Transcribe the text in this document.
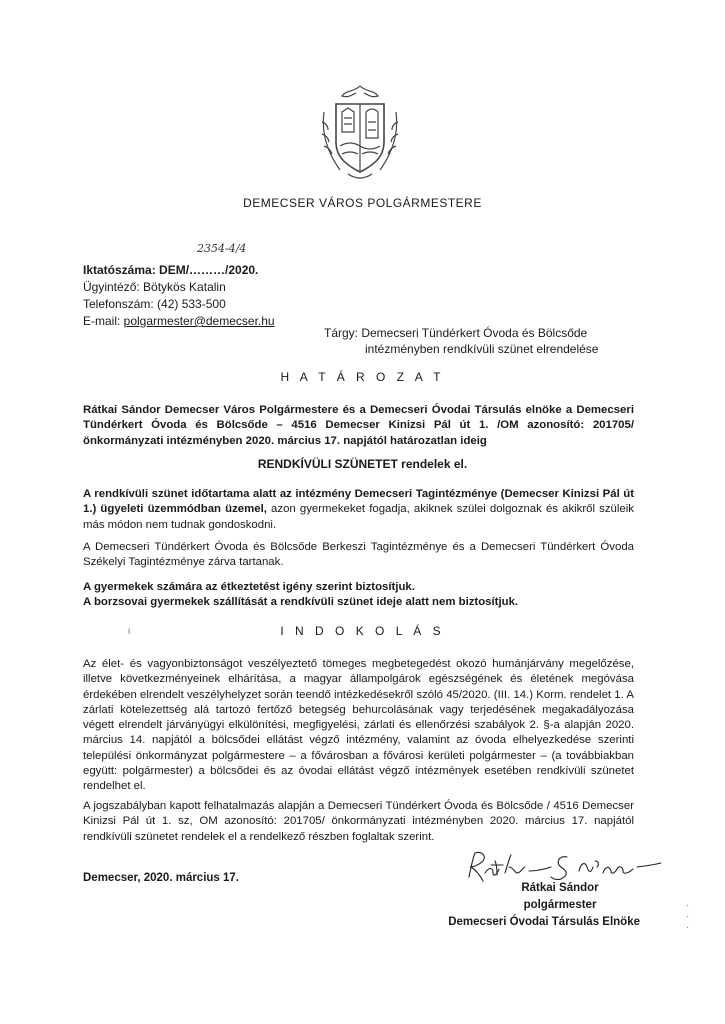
DEMECSER VÁROS POLGÁRMESTERE
2354-4/4
Iktatószáma: DEM/………/2020.
Ügyintéző: Bötykös Katalin
Telefonszám: (42) 533-500
E-mail: polgarmester@demecser.hu
Tárgy: Demecseri Tündérkert Óvoda és Bölcsőde
intézményben rendkívüli szünet elrendelése
H A T Á R O Z A T
Rátkai Sándor Demecser Város Polgármestere és a Demecseri Óvodai Társulás elnöke a Demecseri Tündérkert Óvoda és Bölcsőde – 4516 Demecser Kinizsi Pál út 1. /OM azonosító: 201705/ önkormányzati intézményben 2020. március 17. napjától határozatlan ideig
RENDKÍVÜLI SZÜNETET rendelek el.
A rendkívüli szünet időtartama alatt az intézmény Demecseri Tagintézménye (Demecser Kinizsi Pál út 1.) ügyeleti üzemmódban üzemel, azon gyermekeket fogadja, akiknek szülei dolgoznak és akikről szüleik más módon nem tudnak gondoskodni.
A Demecseri Tündérkert Óvoda és Bölcsőde Berkeszi Tagintézménye és a Demecseri Tündérkert Óvoda Székelyi Tagintézménye zárva tartanak.
A gyermekek számára az étkeztetést igény szerint biztosítjuk.
A borzsovai gyermekek szállítását a rendkívüli szünet ideje alatt nem biztosítjuk.
ι	I N D O K O L Á S
Az élet- és vagyonbiztonságot veszélyeztető tömeges megbetegedést okozó humánjárvány megelőzése, illetve következményeinek elhárítása, a magyar állampolgárok egészségének és életének megóvása érdekében elrendelt veszélyhelyzet során teendő intézkedésekről szóló 45/2020. (III. 14.) Korm. rendelet 1. A zárlati kötelezettség alá tartozó fertőző betegség behurcolásának vagy terjedésének megakadályozása végett elrendelt járványügyi elkülönítési, megfigyelési, zárlati és ellenőrzési szabályok 2. §-a alapján 2020. március 14. napjától a bölcsődei ellátást végző intézmény, valamint az óvoda elhelyezkedése szerinti települési önkormányzat polgármestere – a fővárosban a fővárosi kerületi polgármester – (a továbbiakban együtt: polgármester) a bölcsődei és az óvodai ellátást végző intézmények esetében rendkívüli szünetet rendelhet el.
A jogszabályban kapott felhatalmazás alapján a Demecseri Tündérkert Óvoda és Bölcsőde / 4516 Demecser Kinizsi Pál út 1. sz, OM azonosító: 201705/ önkormányzati intézményben 2020. március 17. napjától rendkívüli szünetet rendelek el a rendelkező részben foglaltak szerint.
Demecser, 2020. március 17.
Rátkai Sándor
polgármester
Demecseri Óvodai Társulás Elnöke
·
·
·
